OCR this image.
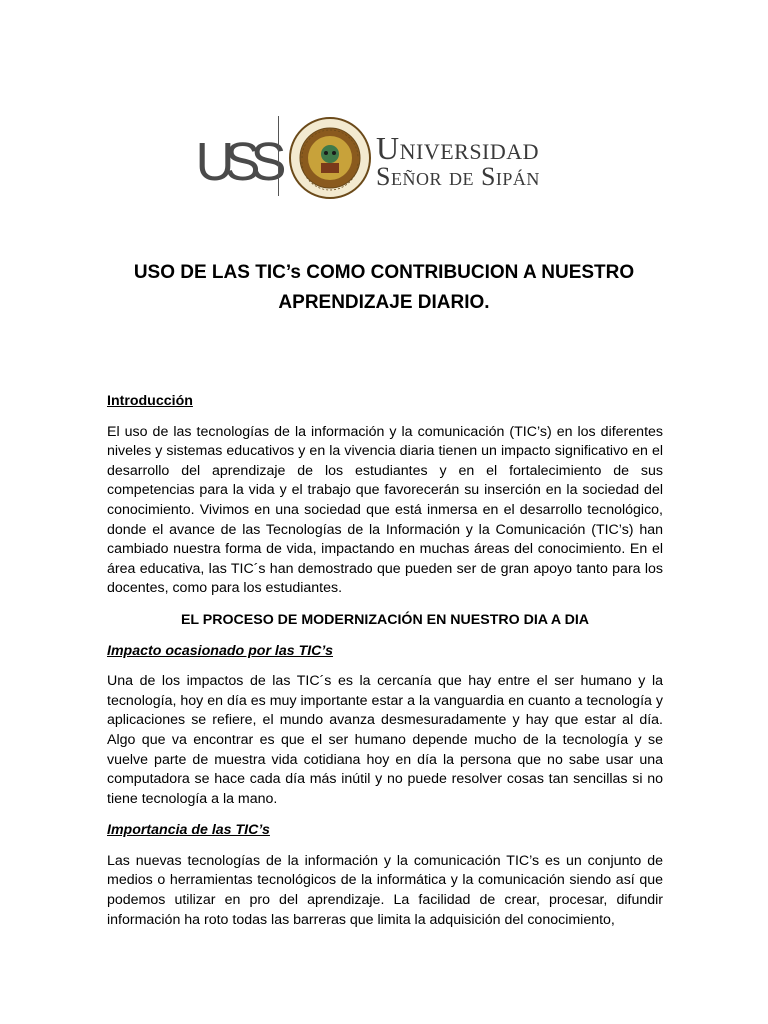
USS	Universidad
Señor de Sipán
USO DE LAS TIC’s COMO CONTRIBUCION A NUESTRO
APRENDIZAJE DIARIO.

Introducción

El uso de las tecnologías de la información y la comunicación (TIC’s) en los diferentes niveles y sistemas educativos y en la vivencia diaria tienen un impacto significativo en el desarrollo del aprendizaje de los estudiantes y en el fortalecimiento de sus competencias para la vida y el trabajo que favorecerán su inserción en la sociedad del conocimiento. Vivimos en una sociedad que está inmersa en el desarrollo tecnológico, donde el avance de las Tecnologías de la Información y la Comunicación (TIC’s) han cambiado nuestra forma de vida, impactando en muchas áreas del conocimiento. En el área educativa, las TIC´s han demostrado que pueden ser de gran apoyo tanto para los docentes, como para los estudiantes.

EL PROCESO DE MODERNIZACIÓN EN NUESTRO DIA A DIA

Impacto ocasionado por las TIC’s

Una de los impactos de las TIC´s es la cercanía que hay entre el ser humano y la tecnología, hoy en día es muy importante estar a la vanguardia en cuanto a tecnología y aplicaciones se refiere, el mundo avanza desmesuradamente y hay que estar al día. Algo que va encontrar es que el ser humano depende mucho de la tecnología y se vuelve parte de muestra vida cotidiana hoy en día la persona que no sabe usar una computadora se hace cada día más inútil y no puede resolver cosas tan sencillas si no tiene tecnología a la mano.

Importancia de las TIC’s

Las nuevas tecnologías de la información y la comunicación TIC’s es un conjunto de medios o herramientas tecnológicos de la informática y la comunicación siendo así que podemos utilizar en pro del aprendizaje. La facilidad de crear, procesar, difundir información ha roto todas las barreras que limita la adquisición del conocimiento,
